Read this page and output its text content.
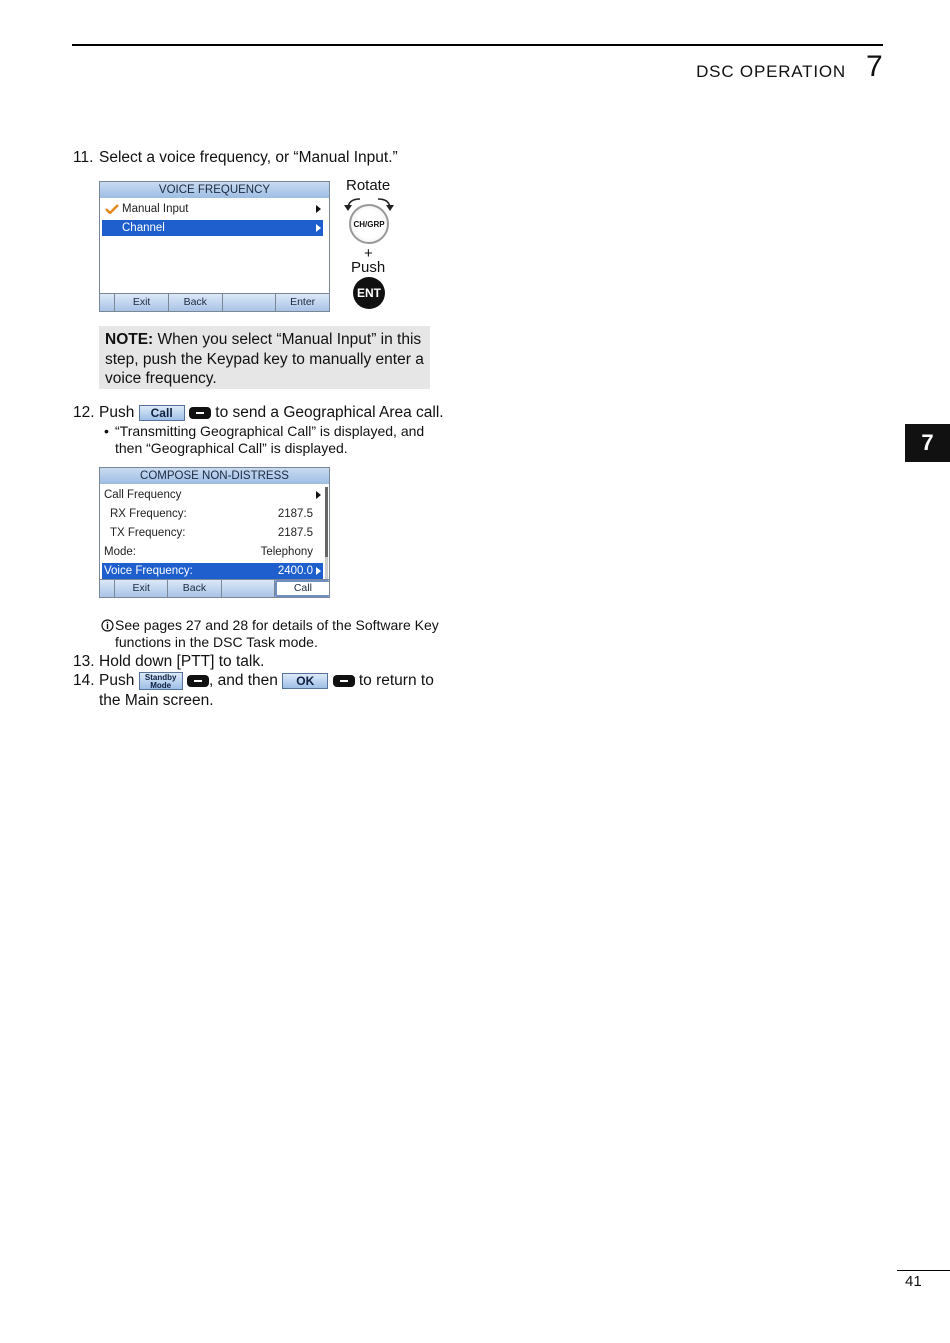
DSC OPERATION 7
7
11. Select a voice frequency, or “Manual Input.”
VOICE FREQUENCY
Manual Input
Channel
Exit	Back	Enter
Rotate
CH/GRP
+
Push
ENT
NOTE: When you select “Manual Input” in this step, push the Keypad key to manually enter a voice frequency.
12. Push Call	to send a Geographical Area call.
• “Transmitting Geographical Call” is displayed, and then “Geographical Call” is displayed.
COMPOSE NON-DISTRESS
Call Frequency
RX Frequency:	2187.5
TX Frequency:	2187.5
Mode:	Telephony
Voice Frequency:	2400.0
Exit	Back	Call
See pages 27 and 28 for details of the Software Key functions in the DSC Task mode.
13. Hold down [PTT] to talk.
14. Push	Standby
Mode	, and then OK	to return to
the Main screen.
41
